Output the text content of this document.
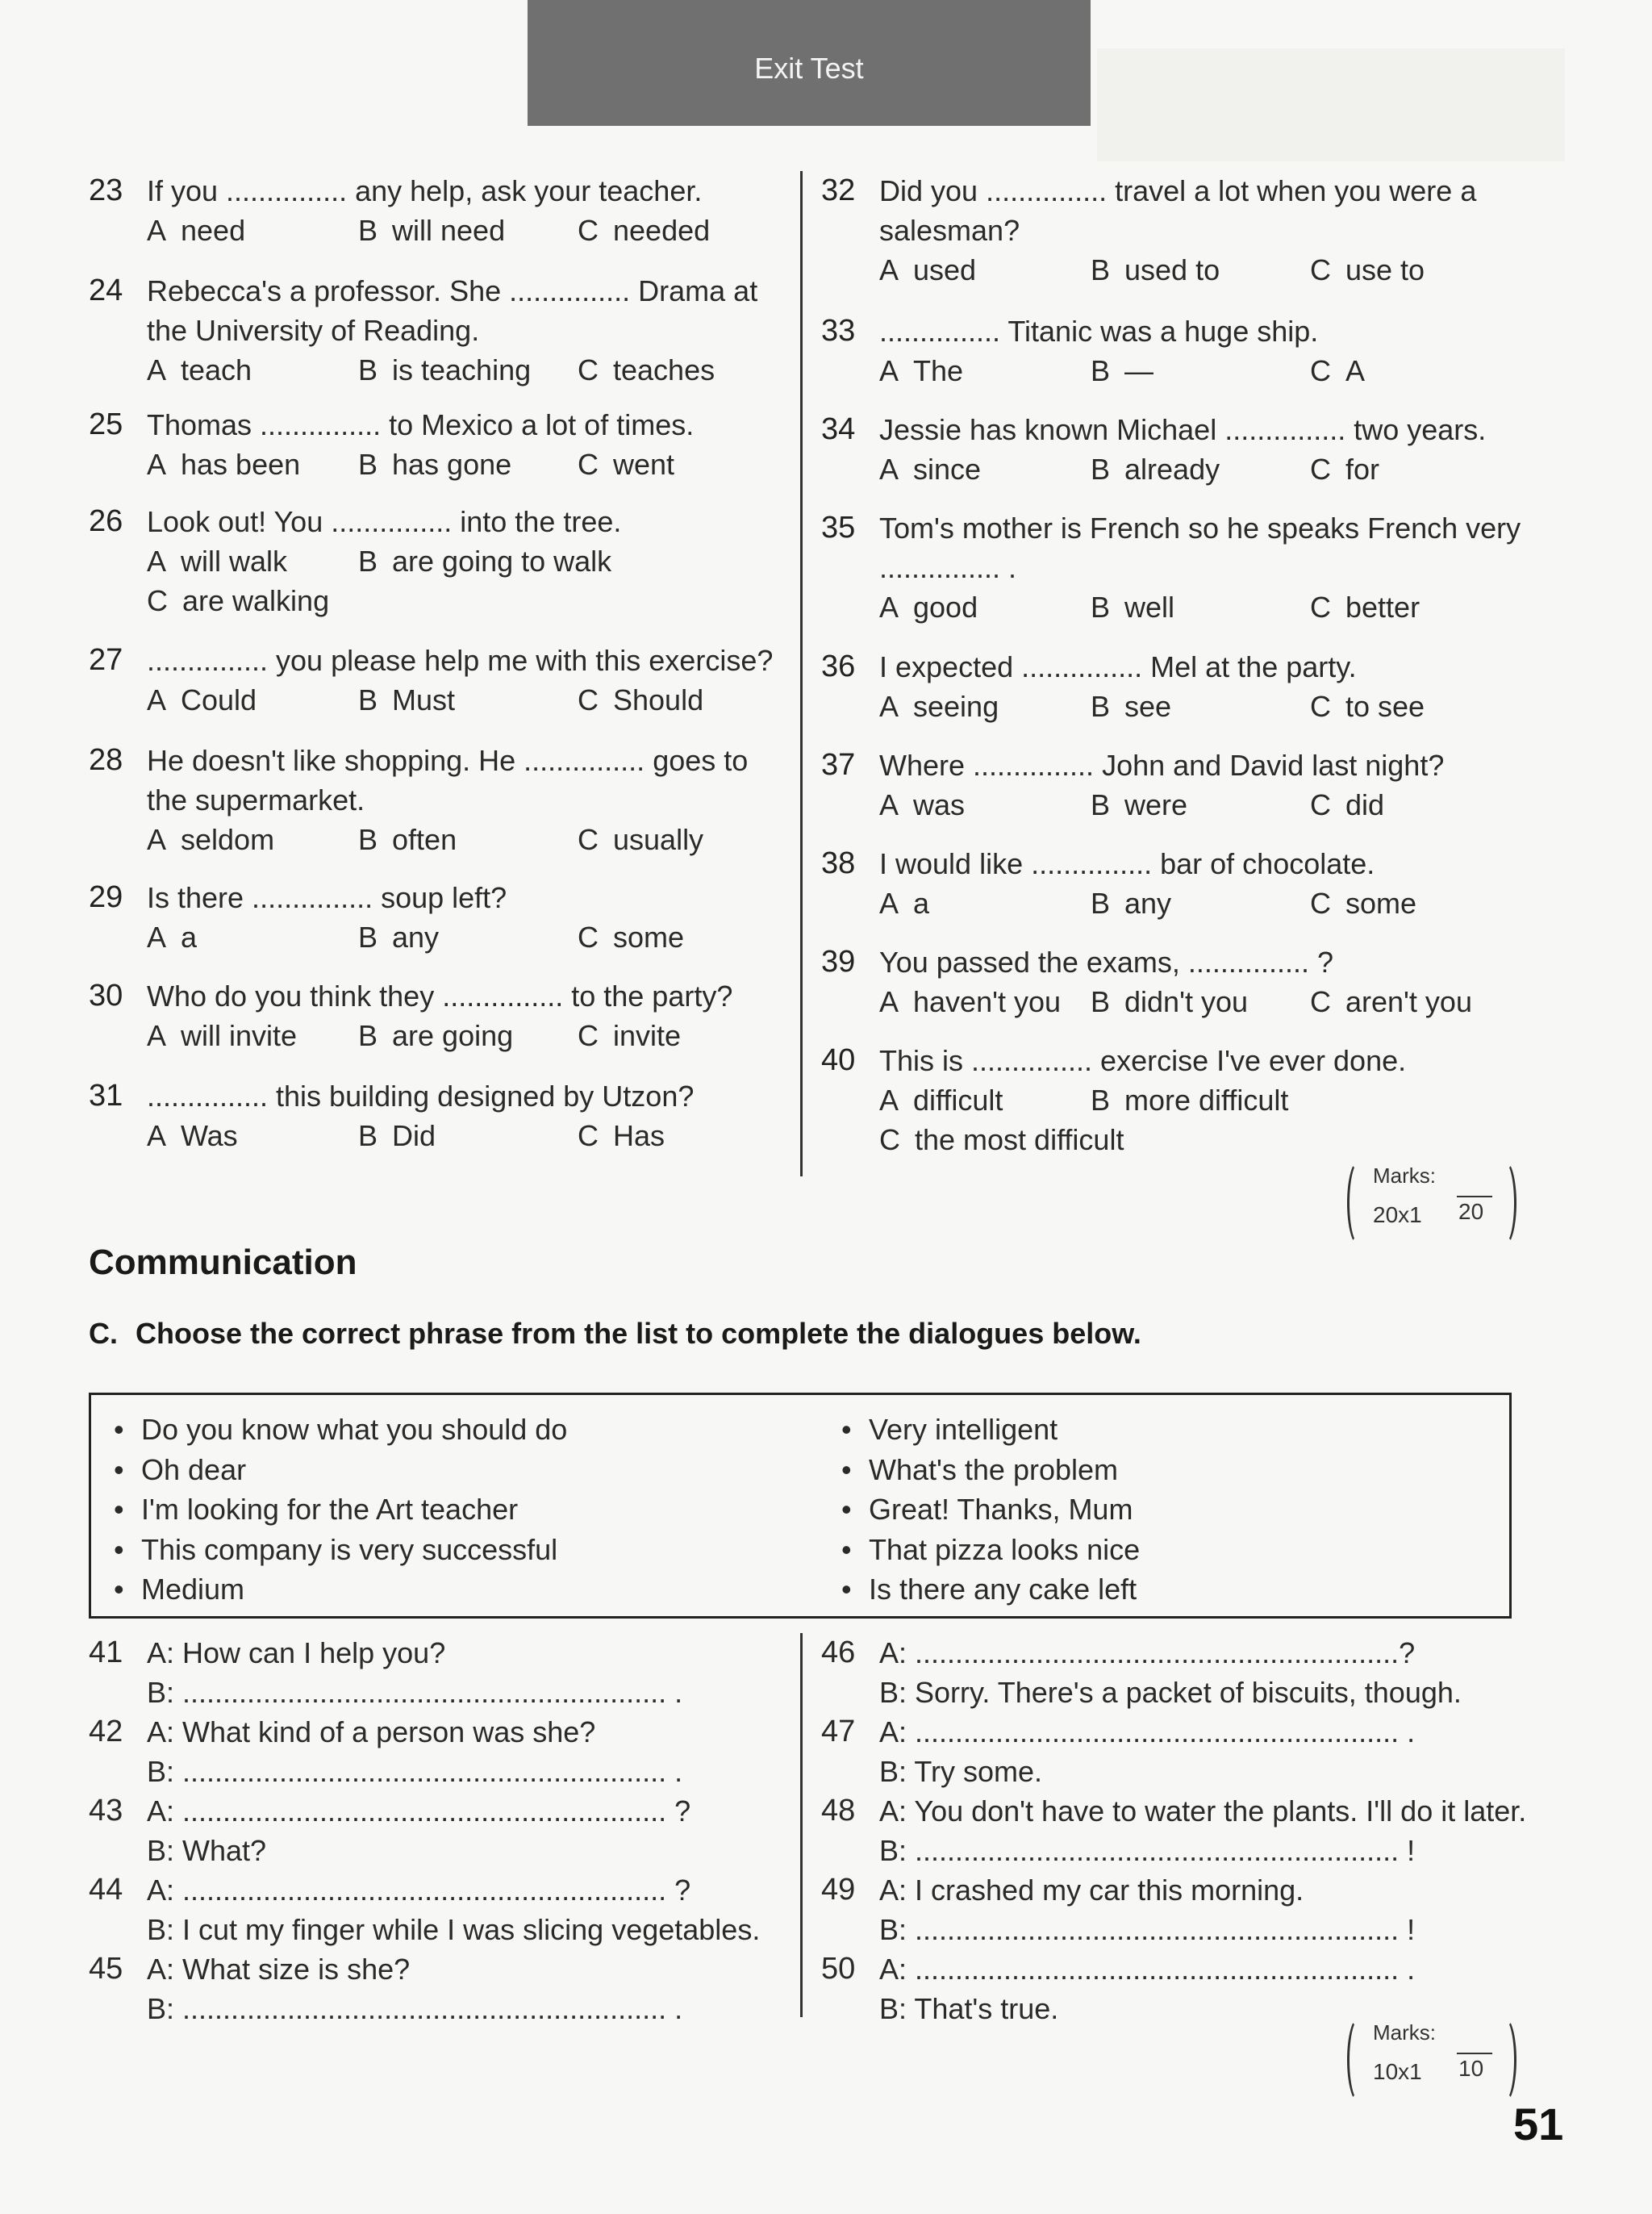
Exit Test
23 If you ............... any help, ask your teacher.
A need	B will need C needed
24 Rebecca's a professor. She ............... Drama at
the University of Reading.
A teach	B is teaching C teaches
25 Thomas ............... to Mexico a lot of times.
A has been B has gone C went
26 Look out! You ............... into the tree.
A will walk B are going to walk
C are walking
27 ............... you please help me with this exercise?
A Could	B Must	C Should
28 He doesn't like shopping. He ............... goes to
the supermarket.
A seldom	B often	C usually
29 Is there ............... soup left?
A a	B any	C some
30 Who do you think they ............... to the party?
A will invite B are going C invite
31 ............... this building designed by Utzon?
A Was	B Did	C Has
32 Did you ............... travel a lot when you were a
salesman?
A used	B used to	C use to
33 ............... Titanic was a huge ship.
A The	B —	C A
34 Jessie has known Michael ............... two years.
A since	B already	C for
35 Tom's mother is French so he speaks French very
............... .
A good	B well	C better
36 I expected ............... Mel at the party.
A seeing	B see	C to see
37 Where ............... John and David last night?
A was	B were	C did
38 I would like ............... bar of chocolate.
A a	B any	C some
39 You passed the exams, ............... ?
A haven't you B didn't you C aren't you
40 This is ............... exercise I've ever done.
A difficult	B more difficult
C the most difficult
Marks:
20x1 20
Communication
C. Choose the correct phrase from the list to complete the dialogues below.
• Do you know what you should do
• Oh dear
• I'm looking for the Art teacher
• This company is very successful
• Medium
• Very intelligent
• What's the problem
• Great! Thanks, Mum
• That pizza looks nice
• Is there any cake left
41 A: How can I help you?
B: ............................................................ .
42 A: What kind of a person was she?
B: ............................................................ .
43 A: ............................................................ ?
B: What?
44 A: ............................................................ ?
B: I cut my finger while I was slicing vegetables.
45 A: What size is she?
B: ............................................................ .
46 A: ............................................................?
B: Sorry. There's a packet of biscuits, though.
47 A: ............................................................ .
B: Try some.
48 A: You don't have to water the plants. I'll do it later.
B: ............................................................ !
49 A: I crashed my car this morning.
B: ............................................................ !
50 A: ............................................................ .
B: That's true.
Marks:
10x1 10
51
